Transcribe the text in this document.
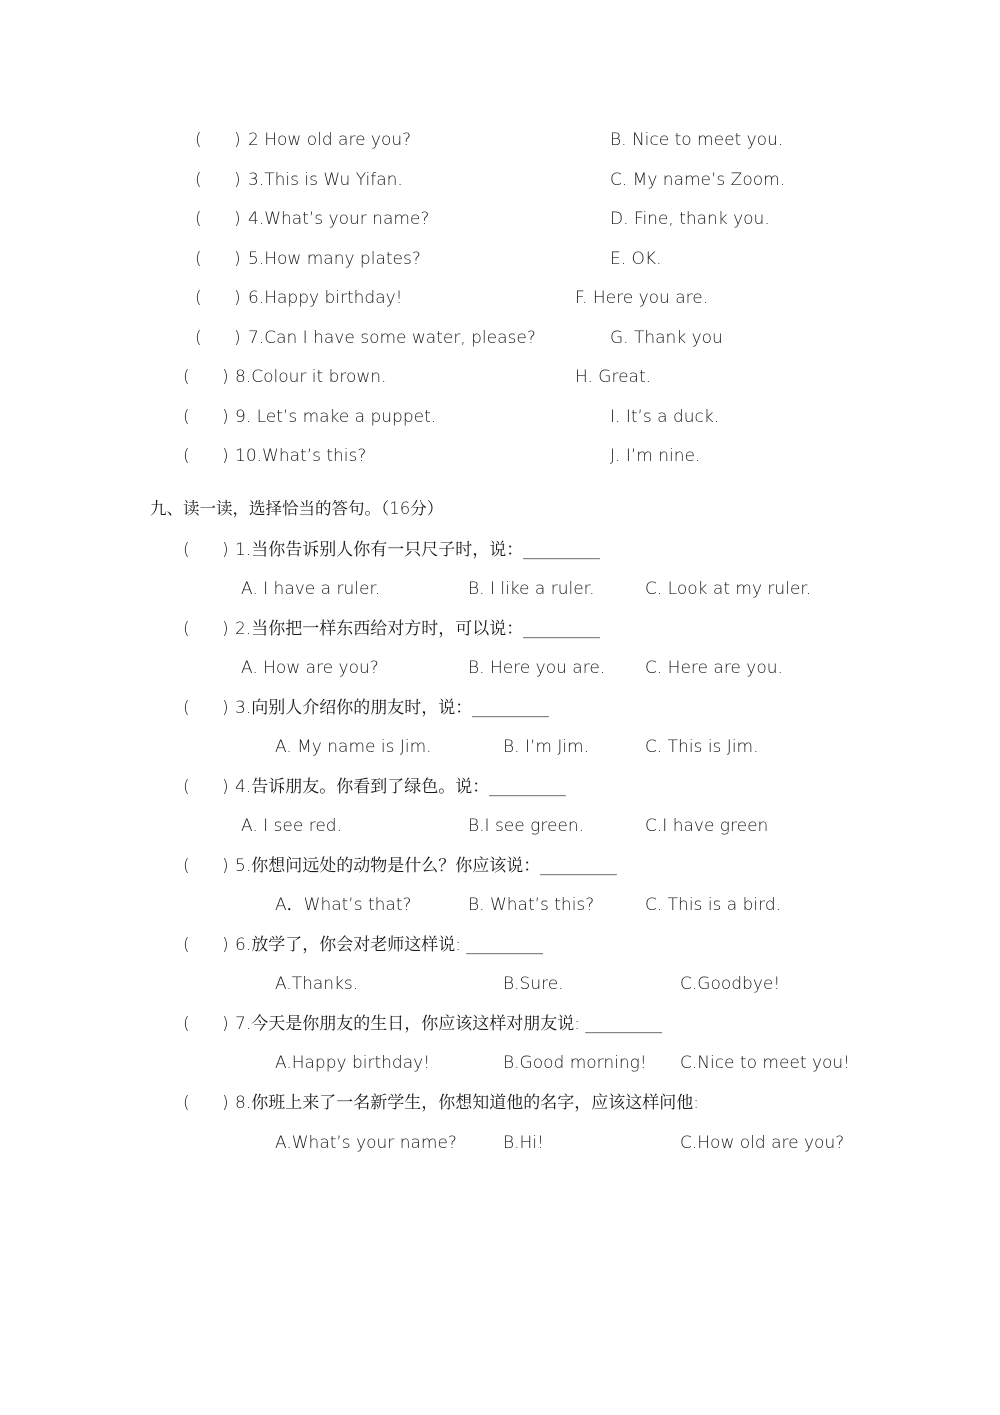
(      ) 2 How old are you?	B. Nice to meet you.
(      ) 3.This is Wu Yifan.	C. My name’s Zoom.
(      ) 4.What’s your name?	D. Fine, thank you.
(      ) 5.How many plates?	E. OK.
(      ) 6.Happy birthday!	F. Here you are.
(      ) 7.Can I have some water, please?	G. Thank you
(      ) 8.Colour it brown.	H. Great.
(      ) 9. Let’s make a puppet.	I. It’s a duck.
(      ) 10.What’s this?	J. I’m nine.
九、读一读，选择恰当的答句。（16分）
(      ) 1.当你告诉别人你有一只尺子时，说：_________
A. I have a ruler.	B. I like a ruler.	C. Look at my ruler.
(      ) 2.当你把一样东西给对方时，可以说：_________
A. How are you?	B. Here you are. C. Here are you.
(      ) 3.向别人介绍你的朋友时，说：_________
A. My name is Jim.	B. I’m Jim.	C. This is Jim.
(      ) 4.告诉朋友。你看到了绿色。说：_________
A. I see red.	B.I see green.	C.I have green
(      ) 5.你想问远处的动物是什么？你应该说：_________
A．What’s that?	B. What’s this?	C. This is a bird.
(      ) 6.放学了，你会对老师这样说: _________
A.Thanks.	B.Sure.	C.Goodbye!
(      ) 7.今天是你朋友的生日，你应该这样对朋友说: _________
A.Happy birthday!	B.Good morning! C.Nice to meet you!
(      ) 8.你班上来了一名新学生，你想知道他的名字，应该这样问他:
A.What’s your name?	B.Hi!	C.How old are you?
